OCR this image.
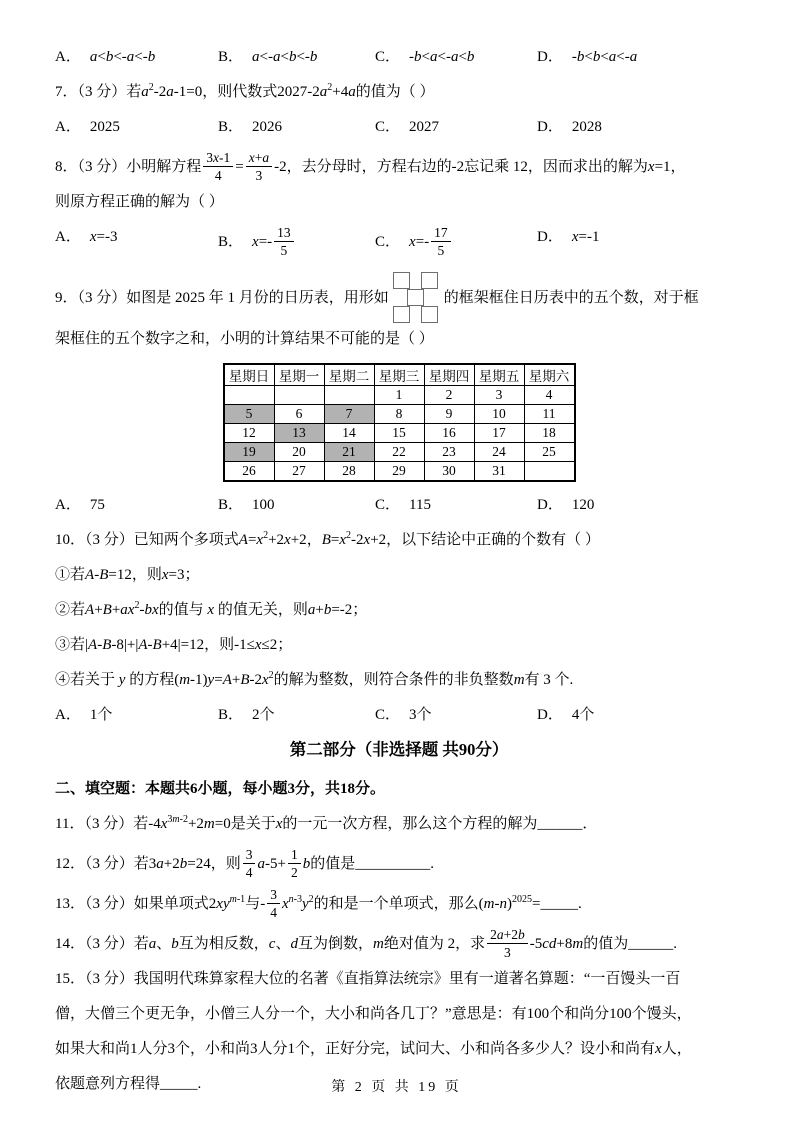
A． a<b<-a<-b	B． a<-a<b<-b	C． -b<a<-a<b	D． -b<b<a<-a
7．（3 分）若$a^2-2a-1=0$，则代数式$2027-2a^2+4a$的值为（ ）
A． 2025	B． 2026	C． 2027	D． 2028
8．（3 分）小明解方程 $\frac{3x-1}{4} = \frac{x+a}{3} -2$，去分母时，方程右边的-2忘记乘 12，因而求出的解为x=1，
则原方程正确的解为（ ）
A． x=-3	B． $x=- \frac{13}{5}$	C． $x=- \frac{17}{5}$	D． x=-1
9．（3 分）如图是 2025 年 1 月份的日历表，用形如	的框架框住日历表中的五个数，对于框
架框住的五个数字之和，小明的计算结果不可能的是（ ）
星期日	星期一	星期二	星期三	星期四	星期五	星期六
			1	2	3	4
5	6	7	8	9	10	11
12	13	14	15	16	17	18
19	20	21	22	23	24	25
26	27	28	29	30	31	
A． 75	B． 100	C． 115	D． 120
10．（3 分）已知两个多项式$A=x^2+2x+2$，$B=x^2-2x+2$，以下结论中正确的个数有（ ）
①若A-B=12，则x=3；
②若$A+B+ax^2-bx$的值与 x 的值无关，则a+b=-2；
③若|A-B-8|+|A-B+4|=12，则-1≤x≤2；
④若关于 y 的方程$(m-1)y=A+B-2x^2$的解为整数，则符合条件的非负整数m有 3 个.
A． 1个	B． 2个	C． 3个	D． 4个
第二部分（非选择题 共90分）
二、填空题：本题共6小题，每小题3分，共18分。
11．（3 分）若$-4x^{3m-2}+2m=0$是关于x的一元一次方程，那么这个方程的解为______．
12．（3 分）若3a+2b=24，则 $\frac{3}{4} a-5+ \frac{1}{2}$ b的值是__________.
13．（3 分）如果单项式$2xy^{m-1}$与- $\frac{3}{4} x^{n-3}y^2$的和是一个单项式，那么$(m-n)^{2025}=\_\_\_\_\_$.
14．（3 分）若a、b互为相反数，c、d互为倒数，m绝对值为 2，求 $\frac{2a+2b}{3} -5cd+8m$的值为______.
15．（3 分）我国明代珠算家程大位的名著《直指算法统宗》里有一道著名算题：“一百馒头一百
僧，大僧三个更无争，小僧三人分一个，大小和尚各几丁？”意思是：有100个和尚分100个馒头，
如果大和尚1人分3个，小和尚3人分1个，正好分完，试问大、小和尚各多少人？设小和尚有x人，
依题意列方程得_____.	第 2 页 共 19 页
